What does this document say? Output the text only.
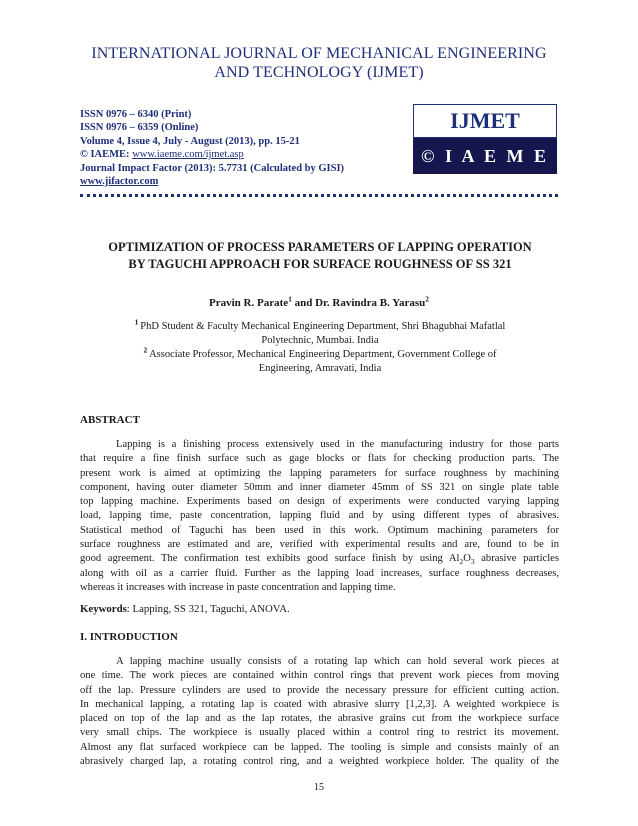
INTERNATIONAL JOURNAL OF MECHANICAL ENGINEERING
AND TECHNOLOGY (IJMET)
ISSN 0976 – 6340 (Print)
ISSN 0976 – 6359 (Online)
Volume 4, Issue 4, July - August (2013), pp. 15-21
© IAEME: www.iaeme.com/ijmet.asp
Journal Impact Factor (2013): 5.7731 (Calculated by GISI)
www.jifactor.com
IJMET
© I A E M E
OPTIMIZATION OF PROCESS PARAMETERS OF LAPPING OPERATION
BY TAGUCHI APPROACH FOR SURFACE ROUGHNESS OF SS 321
Pravin R. Parate$^1$ and Dr. Ravindra B. Yarasu$^2$
$^1$ PhD Student & Faculty Mechanical Engineering Department, Shri Bhagubhai Mafatlal
Polytechnic, Mumbai. India
$^2$ Associate Professor, Mechanical Engineering Department, Government College of
Engineering, Amravati, India
ABSTRACT
Lapping is a finishing process extensively used in the manufacturing industry for those parts
that require a fine finish surface such as gage blocks or flats for checking production parts. The
present work is aimed at optimizing the lapping parameters for surface roughness by machining
component, having outer diameter 50mm and inner diameter 45mm of SS 321 on single plate table
top lapping machine. Experiments based on design of experiments were conducted varying lapping
load, lapping time, paste concentration, lapping fluid and by using different types of abrasives.
Statistical method of Taguchi has been used in this work. Optimum machining parameters for
surface roughness are estimated and are, verified with experimental results and are, found to be in
good agreement. The confirmation test exhibits good surface finish by using $Al_2O_3$ abrasive particles
along with oil as a carrier fluid. Further as the lapping load increases, surface roughness decreases,
whereas it increases with increase in paste concentration and lapping time.
Keywords: Lapping, SS 321, Taguchi, ANOVA.
I. INTRODUCTION
A lapping machine usually consists of a rotating lap which can hold several work pieces at
one time. The work pieces are contained within control rings that prevent work pieces from moving
off the lap. Pressure cylinders are used to provide the necessary pressure for efficient cutting action.
In mechanical lapping, a rotating lap is coated with abrasive slurry [1,2,3]. A weighted workpiece is
placed on top of the lap and as the lap rotates, the abrasive grains cut from the workpiece surface
very small chips. The workpiece is usually placed within a control ring to restrict its movement.
Almost any flat surfaced workpiece can be lapped. The tooling is simple and consists mainly of an
abrasively charged lap, a rotating control ring, and a weighted workpiece holder. The quality of the
15
